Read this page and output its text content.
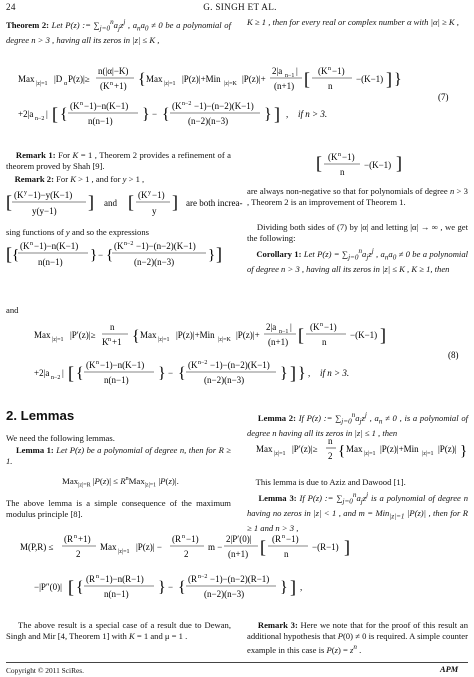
24	G. SINGH ET AL.
Theorem 2: Let P(z) := $\sum_{j=0}^na_jz^j$ , $a_na_0 \ne 0$ be a polynomial of degree n > 3 , having all its zeros in |z| ≤ K ,
K ≥ 1 , then for every real or complex number α with |α| ≥ K ,
Max |z|=1 |D α P(z)|≥
n(|α|−K)
(K n +1) { Max |z|=1 |P(z)|+Min |z|=K |P(z)|+
2|a n−1 |
(n+1) [ (K n −1)
n
−(K−1) ] }
+2|a n−2 | [ { (K n −1)−n(K−1)
n(n−1) } − { (K n−2 −1)−(n−2)(K−1)
(n−2)(n−3) } ] , if n > 3.
(7)
Remark 1: For K = 1 , Theorem 2 provides a refinement of a theorem proved by Shah [9].
Remark 2: For K > 1 , and for y > 1 ,
[ (K y −1)−y(K−1)
y(y−1) ] and [ (K y −1)
y ] are both increa-
sing functions of y and so the expressions
[ {
(K n −1)−n(K−1)
n(n−1) } − {
(K n−2 −1)−(n−2)(K−1)
(n−2)(n−3) } ]
and
[ (K n −1)
n
−(K−1) ]
are always non-negative so that for polynomials of degree n > 3 , Theorem 2 is an improvement of Theorem 1.
Dividing both sides of (7) by |α| and letting |α| → ∞ , we get the following:
Corollary 1: Let $P(z) = \sum_{j=0}^na_jz^j$ , $a_na_0 \ne 0$ be a polynomial of degree n > 3 , having all its zeros in |z| ≤ K , K ≥ 1, then
Max |z|=1 |P′(z)|≥
n
K n +1 { Max |z|=1 |P(z)|+Min |z|=K |P(z)|+
2|a n−1 |
(n+1) [ (K n −1)
n
−(K−1) ]
+2|a n−2 | [ { (K n −1)−n(K−1)
n(n−1) } − { (K n−2 −1)−(n−2)(K−1)
(n−2)(n−3) } ] } , if n > 3.
(8)
2. Lemmas
We need the following lemmas.
Lemma 1: Let P(z) be a polynomial of degree n, then for R ≥ 1.
Max$_{|z|=R}$ $|P(z)| \le R^nMax_{|z|=1}$ |P(z)|.
The above lemma is a simple consequence of the maximum modulus principle [8].
Lemma 2: If P(z) := $\sum_{j=0}^na_jz^j$ , $a_n \ne 0$ , is a polynomial of degree n having all its zeros in |z| ≤ 1 , then
Max |z|=1 |P′(z)|≥
n
2 { Max |z|=1 |P(z)|+Min |z|=1 |P(z)| }
This lemma is due to Aziz and Dawood [1].
Lemma 3: If P(z) := $\sum_{j=0}^na_jz^j$ is a polynomial of degree n having no zeros in |z| < 1 , and m = Min$_{|z|=1}$ |P(z)| , then for R ≥ 1 and n > 3 ,
M(P,R) ≤
(R n +1)
2
Max |z|=1 |P(z)| −
(R n −1)
2
m −
2|P′(0)|
(n+1) [ (R n −1)
n
−(R−1) ]
−|P″(0)| [ { (R n −1)−n(R−1)
n(n−1) } − { (R n−2 −1)−(n−2)(R−1)
(n−2)(n−3) } ] ,
The above result is a special case of a result due to Dewan, Singh and Mir [4, Theorem 1] with K = 1 and μ = 1 .
Remark 3: Here we note that for the proof of this result an additional hypothesis that P(0) ≠ 0 is required. A simple counter example in this case is $P(z) = z^n$ .
Copyright © 2011 SciRes.	APM
